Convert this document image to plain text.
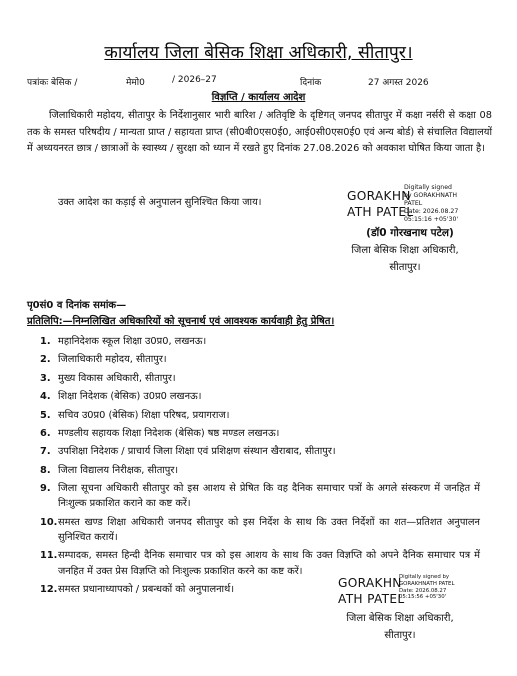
कार्यालय जिला बेसिक शिक्षा अधिकारी, सीतापुर।
पत्रांकः बेसिक /	मेमो0	/ 2026–27	दिनांक	27 अगस्त 2026
विज्ञप्ति / कार्यालय आदेश
जिलाधिकारी महोदय, सीतापुर के निर्देशानुसार भारी बारिश / अतिवृष्टि के दृष्टिगत् जनपद सीतापुर में कक्षा नर्सरी से कक्षा 08 तक के समस्त परिषदीय / मान्यता प्राप्त / सहायता प्राप्त (सी0बी0एस0ई0, आई0सी0एस0ई0 एवं अन्य बोर्ड) से संचालित विद्यालयों में अध्ययनरत छात्र / छात्राओं के स्वास्थ्य / सुरक्षा को ध्यान में रखते हुए दिनांक 27.08.2026 को अवकाश घोषित किया जाता है।
उक्त आदेश का कड़ाई से अनुपालन सुनिश्चित किया जाय।	GORAKHN
ATH PATEL
Digitally signed
by GORAKHNATH
PATEL
Date: 2026.08.27
05:15:16 +05'30'
(डॉ0 गोरखनाथ पटेल)
जिला बेसिक शिक्षा अधिकारी,
सीतापुर।
पृ0सं0 व दिनांक समांक—
प्रतिलिपि:—निम्नलिखित अधिकारियों को सूचनार्थ एवं आवश्यक कार्यवाही हेतु प्रेषित।
1. महानिदेशक स्कूल शिक्षा उ0प्र0, लखनऊ।
2. जिलाधिकारी महोदय, सीतापुर।
3. मुख्य विकास अधिकारी, सीतापुर।
4. शिक्षा निदेशक (बेसिक) उ0प्र0 लखनऊ।
5. सचिव उ0प्र0 (बेसिक) शिक्षा परिषद, प्रयागराज।
6. मण्डलीय सहायक शिक्षा निदेशक (बेसिक) षष्ठ मण्डल लखनऊ।
7. उपशिक्षा निदेशक / प्राचार्य जिला शिक्षा एवं प्रशिक्षण संस्थान खैराबाद, सीतापुर।
8. जिला विद्यालय निरीक्षक, सीतापुर।
9. जिला सूचना अधिकारी सीतापुर को इस आशय से प्रेषित कि वह दैनिक समाचार पत्रों के अगले संस्करण में जनहित में निःशुल्क प्रकाशित कराने का कष्ट करें।
10. समस्त खण्ड शिक्षा अधिकारी जनपद सीतापुर को इस निर्देश के साथ कि उक्त निर्देशों का शत—प्रतिशत अनुपालन सुनिश्चित करायें।
11. सम्पादक, समस्त हिन्दी दैनिक समाचार पत्र को इस आशय के साथ कि उक्त विज्ञप्ति को अपने दैनिक समाचार पत्र में जनहित में उक्त प्रेस विज्ञप्ति को निःशुल्क प्रकाशित करने का कष्ट करें।
12. समस्त प्रधानाध्यापको / प्रबन्धकों को अनुपालनार्थ।	GORAKHN
ATH PATEL
Digitally signed by
GORAKHNATH PATEL
Date: 2026.08.27
05:15:56 +05'30'
जिला बेसिक शिक्षा अधिकारी,
सीतापुर।
